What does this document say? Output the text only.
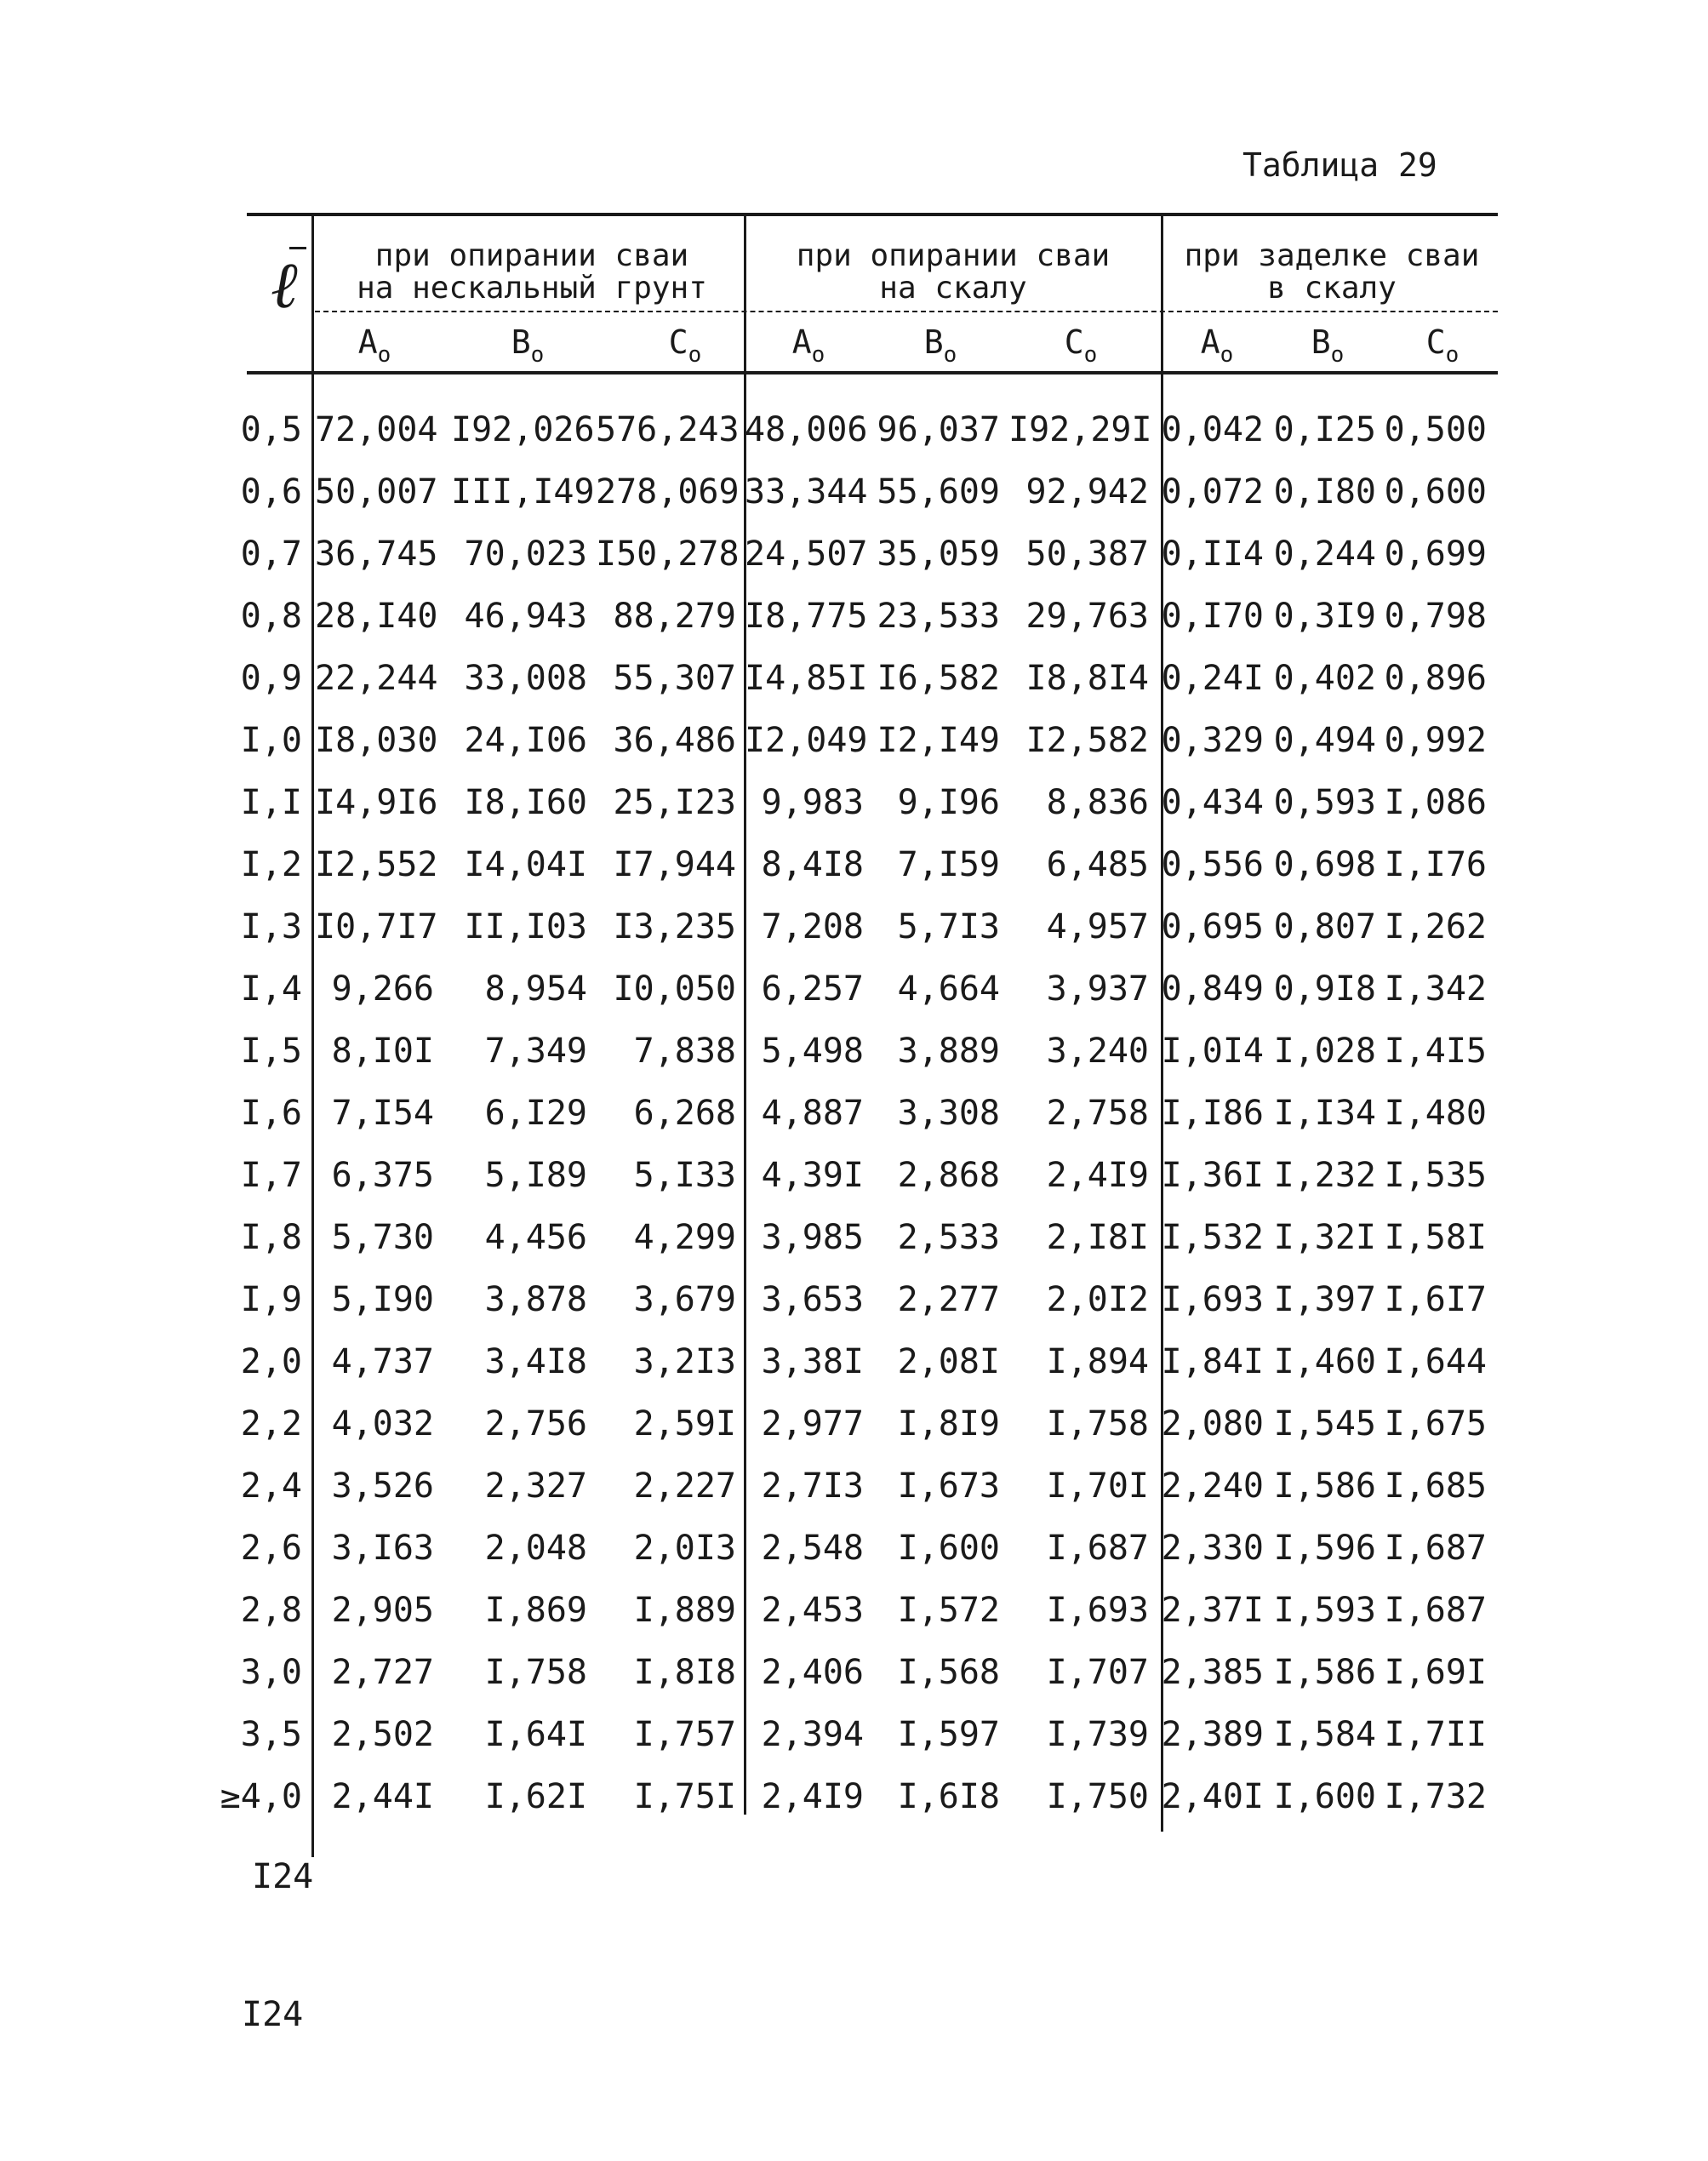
Таблица 29
ℓ	при опирании сваи
на нескальный грунт
при опирании сваи
на скалу
при заделке сваи
в скалу
$A_o$	$B_o$	$C_o$	$A_o$	$B_o$	$C_o$	$A_o$	$B_o$	$C_o$
0,5 72,004 I92,026 576,243 48,006 96,037 I92,29I 0,042 0,I25 0,500
0,6 50,007 III,I49 278,069 33,344 55,609 92,942 0,072 0,I80 0,600
0,7 36,745 70,023 I50,278 24,507 35,059 50,387 0,II4 0,244 0,699
0,8 28,I40 46,943 88,279 I8,775 23,533 29,763 0,I70 0,3I9 0,798
0,9 22,244 33,008 55,307 I4,85I I6,582 I8,8I4 0,24I 0,402 0,896
I,0 I8,030 24,I06 36,486 I2,049 I2,I49 I2,582 0,329 0,494 0,992
I,I I4,9I6 I8,I60 25,I23 9,983 9,I96	8,836 0,434 0,593 I,086
I,2 I2,552 I4,04I I7,944 8,4I8 7,I59	6,485 0,556 0,698 I,I76
I,3 I0,7I7 II,I03 I3,235 7,208 5,7I3	4,957 0,695 0,807 I,262
I,4 9,266	8,954 I0,050 6,257 4,664	3,937 0,849 0,9I8 I,342
I,5 8,I0I	7,349	7,838 5,498 3,889	3,240 I,0I4 I,028 I,4I5
I,6 7,I54	6,I29	6,268 4,887 3,308	2,758 I,I86 I,I34 I,480
I,7 6,375	5,I89	5,I33 4,39I 2,868	2,4I9 I,36I I,232 I,535
I,8 5,730	4,456	4,299 3,985 2,533	2,I8I I,532 I,32I I,58I
I,9 5,I90	3,878	3,679 3,653 2,277	2,0I2 I,693 I,397 I,6I7
2,0 4,737	3,4I8	3,2I3 3,38I 2,08I	I,894 I,84I I,460 I,644
2,2 4,032	2,756	2,59I 2,977 I,8I9	I,758 2,080 I,545 I,675
2,4 3,526	2,327	2,227 2,7I3 I,673	I,70I 2,240 I,586 I,685
2,6 3,I63	2,048	2,0I3 2,548 I,600	I,687 2,330 I,596 I,687
2,8 2,905	I,869	I,889 2,453 I,572	I,693 2,37I I,593 I,687
3,0 2,727	I,758	I,8I8 2,406 I,568	I,707 2,385 I,586 I,69I
3,5 2,502	I,64I	I,757 2,394 I,597	I,739 2,389 I,584 I,7II
≥4,0 2,44I	I,62I	I,75I 2,4I9 I,6I8	I,750 2,40I I,600 I,732
I24
I24
